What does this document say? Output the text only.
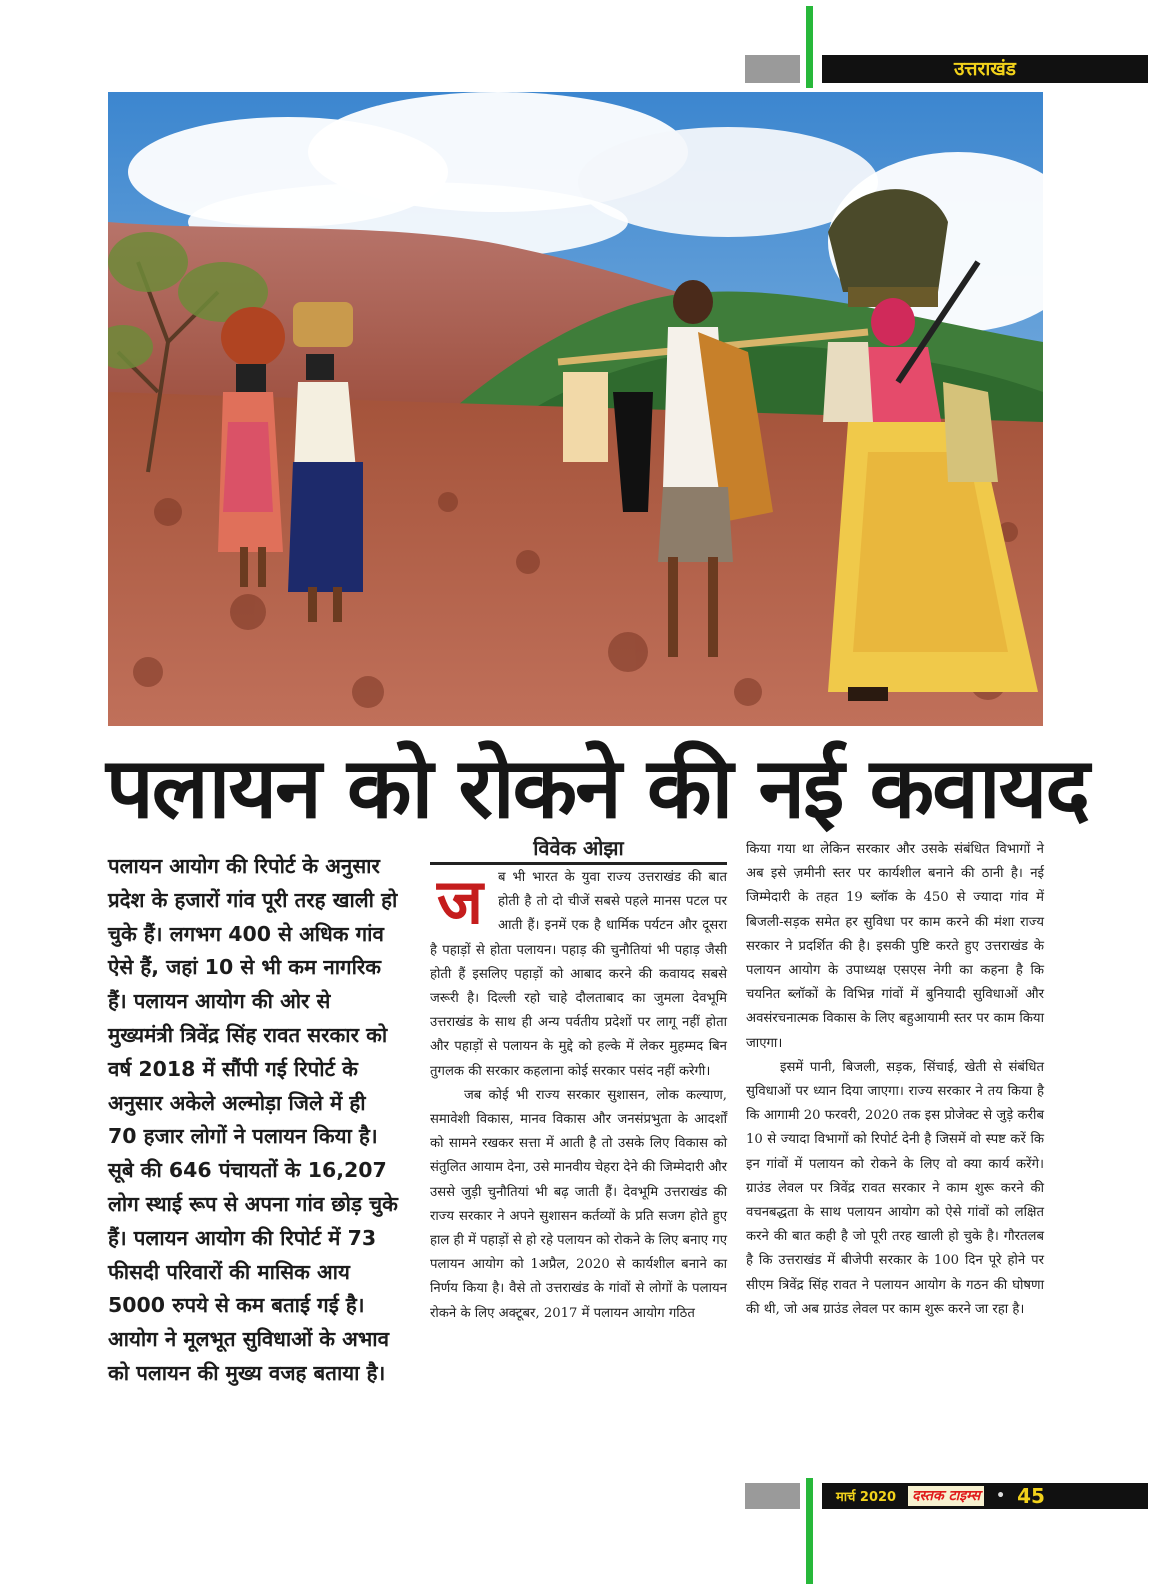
उत्तराखंड
पलायन को रोकने की नई कवायद
पलायन आयोग की रिपोर्ट के अनुसार प्रदेश के हजारों गांव पूरी तरह खाली हो चुके हैं। लगभग 400 से अधिक गांव ऐसे हैं, जहां 10 से भी कम नागरिक हैं। पलायन आयोग की ओर से मुख्यमंत्री त्रिवेंद्र सिंह रावत सरकार को वर्ष 2018 में सौंपी गई रिपोर्ट के अनुसार अकेले अल्मोड़ा जिले में ही 70 हजार लोगों ने पलायन किया है। सूबे की 646 पंचायतों के 16,207 लोग स्थाई रूप से अपना गांव छोड़ चुके हैं। पलायन आयोग की रिपोर्ट में 73 फीसदी परिवारों की मासिक आय 5000 रुपये से कम बताई गई है। आयोग ने मूलभूत सुविधाओं के अभाव को पलायन की मुख्य वजह बताया है।
विवेक ओझा

ज	ब भी भारत के युवा राज्य उत्तराखंड की बात होती है तो दो चीजें सबसे पहले मानस पटल पर आती हैं। इनमें एक है धार्मिक पर्यटन और दूसरा है पहाड़ों से होता पलायन। पहाड़ की चुनौतियां भी पहाड़ जैसी होती हैं इसलिए पहाड़ों को आबाद करने की कवायद सबसे जरूरी है। दिल्ली रहो चाहे दौलताबाद का जुमला देवभूमि उत्तराखंड के साथ ही अन्य पर्वतीय प्रदेशों पर लागू नहीं होता और पहाड़ों से पलायन के मुद्दे को हल्के में लेकर मुहम्मद बिन तुगलक की सरकार कहलाना कोई सरकार पसंद नहीं करेगी।

जब कोई भी राज्य सरकार सुशासन, लोक कल्याण, समावेशी विकास, मानव विकास और जनसंप्रभुता के आदर्शों को सामने रखकर सत्ता में आती है तो उसके लिए विकास को संतुलित आयाम देना, उसे मानवीय चेहरा देने की जिम्मेदारी और उससे जुड़ी चुनौतियां भी बढ़ जाती हैं। देवभूमि उत्तराखंड की राज्य सरकार ने अपने सुशासन कर्तव्यों के प्रति सजग होते हुए हाल ही में पहाड़ों से हो रहे पलायन को रोकने के लिए बनाए गए पलायन आयोग को 1अप्रैल, 2020 से कार्यशील बनाने का निर्णय किया है। वैसे तो उत्तराखंड के गांवों से लोगों के पलायन रोकने के लिए अक्टूबर, 2017 में पलायन आयोग गठित

किया गया था लेकिन सरकार और उसके संबंधित विभागों ने अब इसे ज़मीनी स्तर पर कार्यशील बनाने की ठानी है। नई जिम्मेदारी के तहत 19 ब्लॉक के 450 से ज्यादा गांव में बिजली-सड़क समेत हर सुविधा पर काम करने की मंशा राज्य सरकार ने प्रदर्शित की है। इसकी पुष्टि करते हुए उत्तराखंड के पलायन आयोग के उपाध्यक्ष एसएस नेगी का कहना है कि चयनित ब्लॉकों के विभिन्न गांवों में बुनियादी सुविधाओं और अवसंरचनात्मक विकास के लिए बहुआयामी स्तर पर काम किया जाएगा।

इसमें पानी, बिजली, सड़क, सिंचाई, खेती से संबंधित सुविधाओं पर ध्यान दिया जाएगा। राज्य सरकार ने तय किया है कि आगामी 20 फरवरी, 2020 तक इस प्रोजेक्ट से जुड़े करीब 10 से ज्यादा विभागों को रिपोर्ट देनी है जिसमें वो स्पष्ट करें कि इन गांवों में पलायन को रोकने के लिए वो क्या कार्य करेंगे। ग्राउंड लेवल पर त्रिवेंद्र रावत सरकार ने काम शुरू करने की वचनबद्धता के साथ पलायन आयोग को ऐसे गांवों को लक्षित करने की बात कही है जो पूरी तरह खाली हो चुके है। गौरतलब है कि उत्तराखंड में बीजेपी सरकार के 100 दिन पूरे होने पर सीएम त्रिवेंद्र सिंह रावत ने पलायन आयोग के गठन की घोषणा की थी, जो अब ग्राउंड लेवल पर काम शुरू करने जा रहा है।

मार्च 2020 दस्तक टाइम्स • 45
